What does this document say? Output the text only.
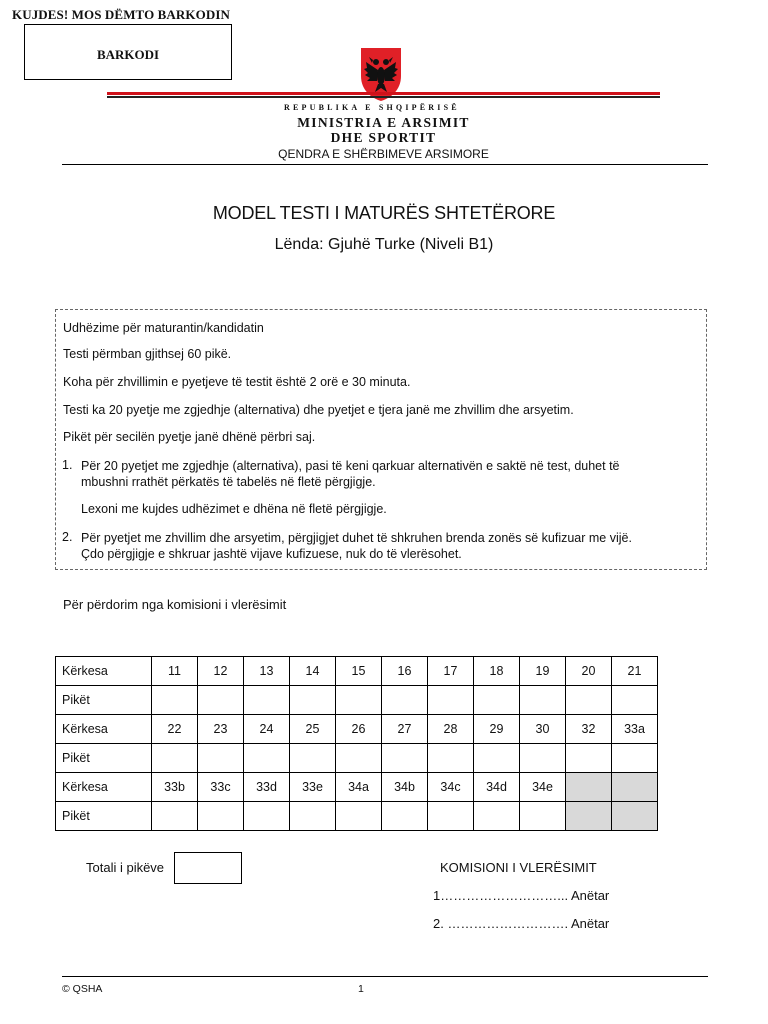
KUJDES! MOS DËMTO BARKODIN
BARKODI
REPUBLIKA E SHQIPËRISË
MINISTRIA E ARSIMIT
DHE SPORTIT
QENDRA E SHËRBIMEVE ARSIMORE
MODEL TESTI I MATURËS SHTETËRORE
Lënda: Gjuhë Turke (Niveli B1)
Udhëzime për maturantin/kandidatin
Testi përmban gjithsej 60 pikë.
Koha për zhvillimin e pyetjeve të testit është 2 orë e 30 minuta.
Testi ka 20 pyetje me zgjedhje (alternativa) dhe pyetjet e tjera janë me zhvillim dhe arsyetim.
Pikët për secilën pyetje janë dhënë përbri saj.
1. Për 20 pyetjet me zgjedhje (alternativa), pasi të keni qarkuar alternativën e saktë në test, duhet të
mbushni rrathët përkatës të tabelës në fletë përgjigje.
Lexoni me kujdes udhëzimet e dhëna në fletë përgjigje.
2. Për pyetjet me zhvillim dhe arsyetim, përgjigjet duhet të shkruhen brenda zonës së kufizuar me vijë.
Çdo përgjigje e shkruar jashtë vijave kufizuese, nuk do të vlerësohet.
Për përdorim nga komisioni i vlerësimit
Kërkesa	11	12	13	14	15	16	17	18	19	20	21
Pikët											
Kërkesa	22	23	24	25	26	27	28	29	30	32	33a
Pikët											
Kërkesa	33b	33c	33d	33e	34a	34b	34c	34d	34e		
Pikët											
Totali i pikëve	KOMISIONI I VLERËSIMIT
1………………………... Anëtar
2. ………………………. Anëtar
© QSHA	1
